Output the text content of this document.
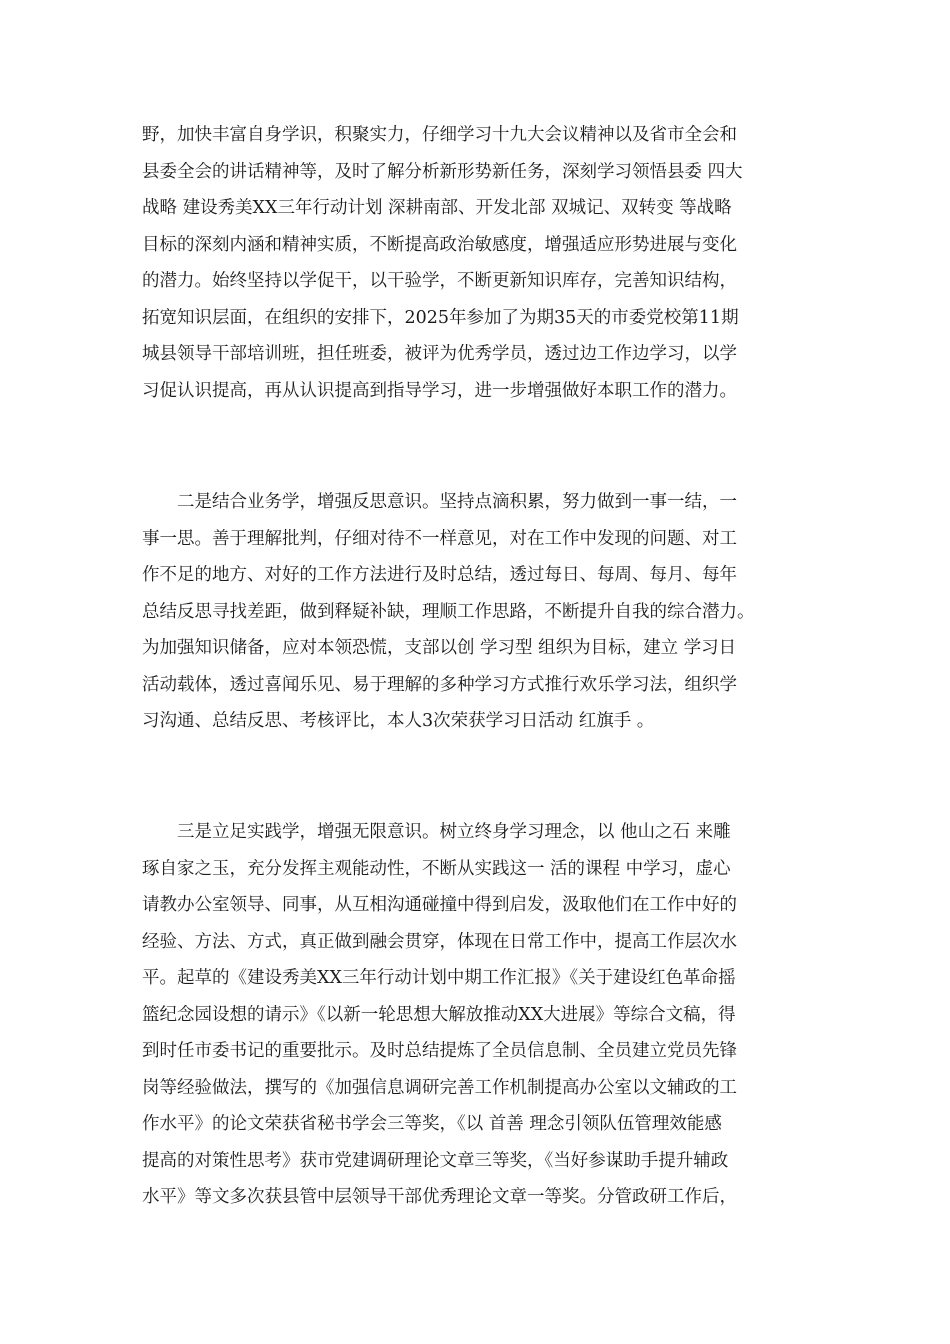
野，加快丰富自身学识，积聚实力，仔细学习十九大会议精神以及省市全会和
县委全会的讲话精神等，及时了解分析新形势新任务，深刻学习领悟县委 四大
战略 建设秀美XX三年行动计划 深耕南部、开发北部 双城记、双转变 等战略
目标的深刻内涵和精神实质，不断提高政治敏感度，增强适应形势进展与变化
的潜力。始终坚持以学促干，以干验学，不断更新知识库存，完善知识结构，
拓宽知识层面，在组织的安排下，2025年参加了为期35天的市委党校第11期
城县领导干部培训班，担任班委，被评为优秀学员，透过边工作边学习，以学
习促认识提高，再从认识提高到指导学习，进一步增强做好本职工作的潜力。
　　二是结合业务学，增强反思意识。坚持点滴积累，努力做到一事一结，一
事一思。善于理解批判，仔细对待不一样意见，对在工作中发现的问题、对工
作不足的地方、对好的工作方法进行及时总结，透过每日、每周、每月、每年
总结反思寻找差距，做到释疑补缺，理顺工作思路，不断提升自我的综合潜力。
为加强知识储备，应对本领恐慌，支部以创 学习型 组织为目标，建立 学习日
活动载体，透过喜闻乐见、易于理解的多种学习方式推行欢乐学习法，组织学
习沟通、总结反思、考核评比，本人3次荣获学习日活动 红旗手 。
　　三是立足实践学，增强无限意识。树立终身学习理念，以 他山之石 来雕
琢自家之玉，充分发挥主观能动性，不断从实践这一 活的课程 中学习，虚心
请教办公室领导、同事，从互相沟通碰撞中得到启发，汲取他们在工作中好的
经验、方法、方式，真正做到融会贯穿，体现在日常工作中，提高工作层次水
平。起草的《建设秀美XX三年行动计划中期工作汇报》《关于建设红色革命摇
篮纪念园设想的请示》《以新一轮思想大解放推动XX大进展》等综合文稿，得
到时任市委书记的重要批示。及时总结提炼了全员信息制、全员建立党员先锋
岗等经验做法，撰写的《加强信息调研完善工作机制提高办公室以文辅政的工
作水平》的论文荣获省秘书学会三等奖，《以 首善 理念引领队伍管理效能感
提高的对策性思考》获市党建调研理论文章三等奖，《当好参谋助手提升辅政
水平》等文多次获县管中层领导干部优秀理论文章一等奖。分管政研工作后，
